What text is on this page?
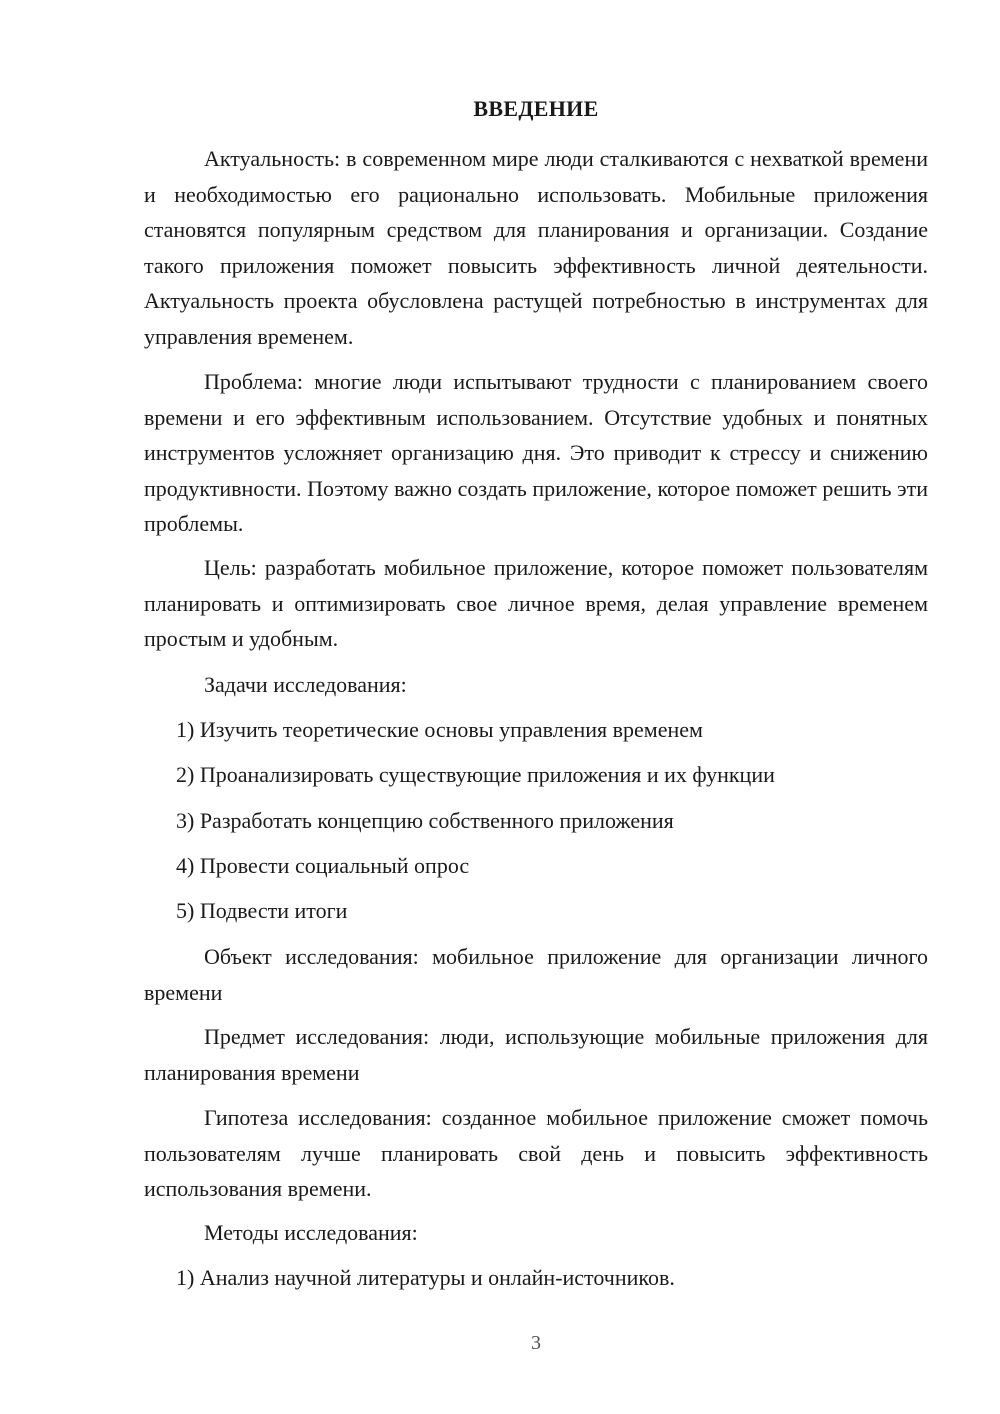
ВВЕДЕНИЕ

Актуальность: в современном мире люди сталкиваются с нехваткой времени и необходимостью его рационально использовать. Мобильные приложения становятся популярным средством для планирования и организации. Создание такого приложения поможет повысить эффективность личной деятельности. Актуальность проекта обусловлена растущей потребностью в инструментах для управления временем.

Проблема: многие люди испытывают трудности с планированием своего времени и его эффективным использованием. Отсутствие удобных и понятных инструментов усложняет организацию дня. Это приводит к стрессу и снижению продуктивности. Поэтому важно создать приложение, которое поможет решить эти проблемы.

Цель: разработать мобильное приложение, которое поможет пользователям планировать и оптимизировать свое личное время, делая управление временем простым и удобным.

Задачи исследования:

1) Изучить теоретические основы управления временем

2) Проанализировать существующие приложения и их функции

3) Разработать концепцию собственного приложения

4) Провести социальный опрос

5) Подвести итоги

Объект исследования: мобильное приложение для организации личного времени

Предмет исследования: люди, использующие мобильные приложения для планирования времени

Гипотеза исследования: созданное мобильное приложение сможет помочь пользователям лучше планировать свой день и повысить эффективность использования времени.

Методы исследования:

1) Анализ научной литературы и онлайн-источников.

3
